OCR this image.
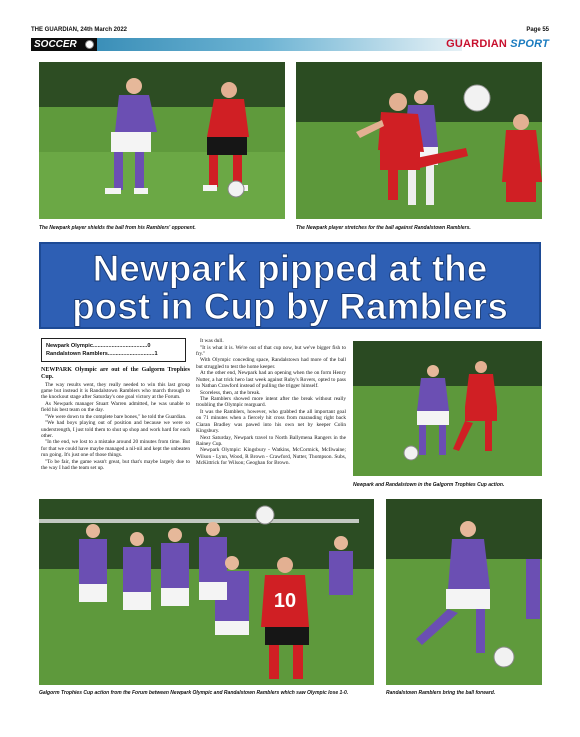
THE GUARDIAN, 24th March 2022	Page 55
SOCCER	GUARDIAN SPORT
The Newpark player shields the ball from his Ramblers' opponent.	The Newpark player stretches for the ball against Randalstown Ramblers.
Newpark pipped at the
post in Cup by Ramblers
Newpark Olympic...................................0
Randalstown Ramblers..............................1

NEWPARK Olympic are out of the Galgorm Trophies Cup.

The way results went, they really needed to win this last group game but instead it is Randalstown Ramblers who march through to the knockout stage after Saturday's one goal victory at the Forum.

As Newpark manager Stuart Warren admitted, he was unable to field his best team on the day.

"We were down to the complete bare bones," he told the Guardian.

"We had boys playing out of position and because we were so understrength, I just told them to shut up shop and work hard for each other.

"In the end, we lost to a mistake around 20 minutes from time. But for that we could have maybe managed a nil-nil and kept the unbeaten run going. It's just one of those things.

"To be fair, the game wasn't great, but that's maybe largely due to the way I had the team set up.

It was dull.

"It is what it is. We're out of that cup now, but we've bigger fish to fry."

With Olympic conceding space, Randalstown had more of the ball but struggled to test the home keeper.

At the other end, Newpark had an opening when the on form Henry Nutter, a hat trick hero last week against Ruby's Rovers, opted to pass to Nathan Crawford instead of pulling the trigger himself.

Scoreless, then, at the break.

The Ramblers showed more intent after the break without really troubling the Olympic rearguard.

It was the Ramblers, however, who grabbed the all important goal on 71 minutes when a fiercely hit cross from marauding right back Ciaran Bradley was pawed into his own net by keeper Colin Kingsbury.

Next Saturday, Newpark travel to North Ballymena Rangers in the Rainey Cup.

Newpark Olympic: Kingsbury - Watkins, McCormick, McIlwaine; Wilson - Lynn, Wood, R Brown - Crawford, Nutter, Thompson. Subs, McKittrick for Wilson; Geoghan for Brown.

Newpark and Randalstown in the Galgorm Trophies Cup action.
10
Galgorm Trophies Cup action from the Forum between Newpark Olympic and Randalstown Ramblers which saw Olympic lose 1-0.	Randalstown Ramblers bring the ball forward.
